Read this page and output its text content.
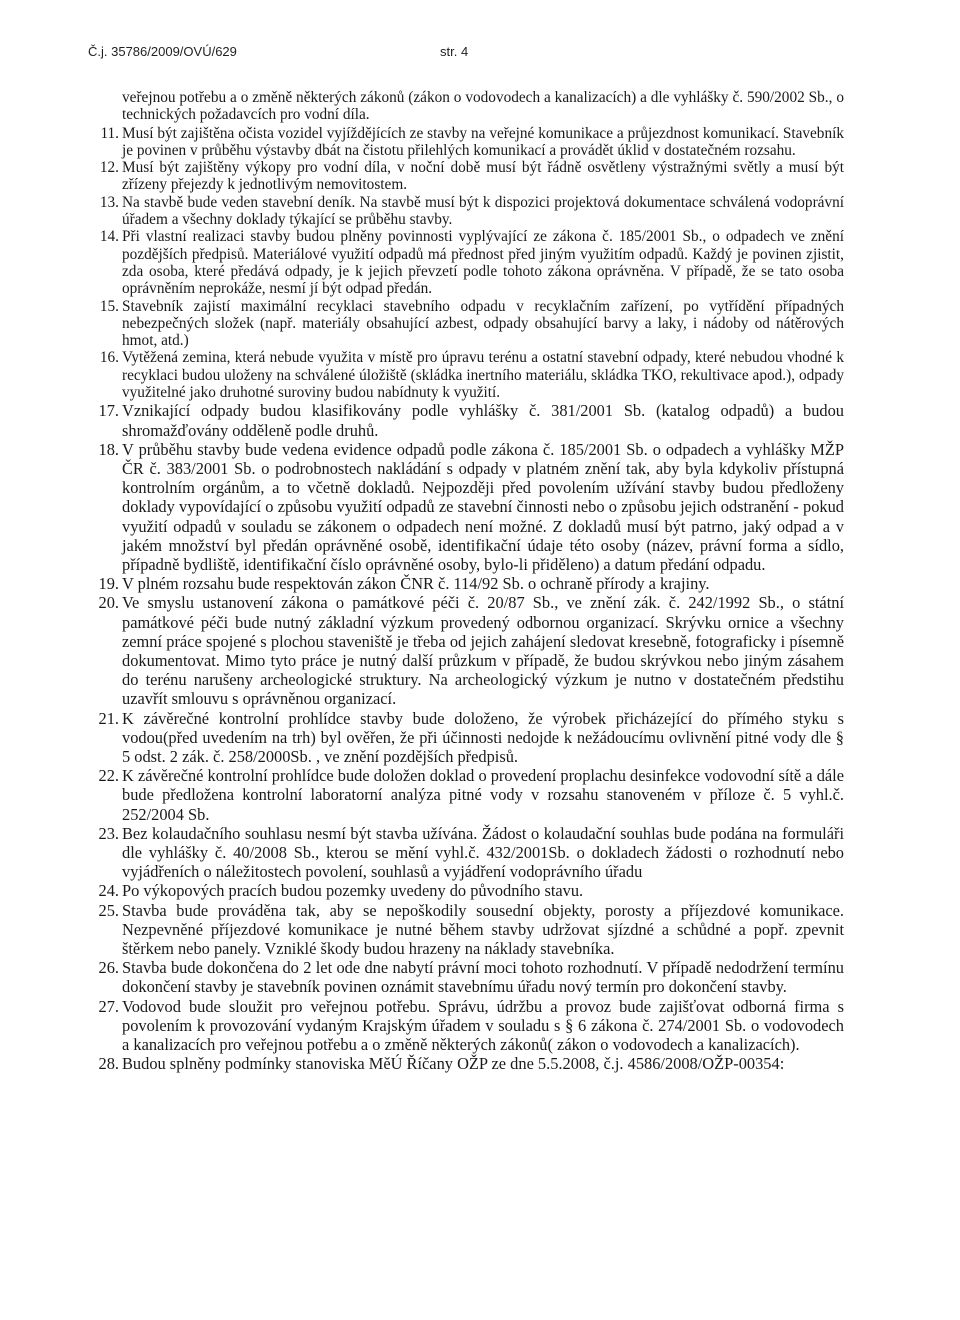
Č.j. 35786/2009/OVÚ/629	str. 4

veřejnou potřebu a o změně některých zákonů (zákon o vodovodech a kanalizacích) a dle vyhlášky č. 590/2002 Sb., o technických požadavcích pro vodní díla.

11. Musí být zajištěna očista vozidel vyjíždějících ze stavby na veřejné komunikace a průjezdnost komunikací. Stavebník je povinen v průběhu výstavby dbát na čistotu přilehlých komunikací a provádět úklid v dostatečném rozsahu.
12. Musí být zajištěny výkopy pro vodní díla, v noční době musí být řádně osvětleny výstražnými světly a musí být zřízeny přejezdy k jednotlivým nemovitostem.
13. Na stavbě bude veden stavební deník. Na stavbě musí být k dispozici projektová dokumentace schválená vodoprávní úřadem a všechny doklady týkající se průběhu stavby.
14. Při vlastní realizaci stavby budou plněny povinnosti vyplývající ze zákona č. 185/2001 Sb., o odpadech ve znění pozdějších předpisů. Materiálové využití odpadů má přednost před jiným využitím odpadů. Každý je povinen zjistit, zda osoba, které předává odpady, je k jejich převzetí podle tohoto zákona oprávněna. V případě, že se tato osoba oprávněním neprokáže, nesmí jí být odpad předán.
15. Stavebník zajistí maximální recyklaci stavebního odpadu v recyklačním zařízení, po vytřídění případných nebezpečných složek (např. materiály obsahující azbest, odpady obsahující barvy a laky, i nádoby od nátěrových hmot, atd.)
16. Vytěžená zemina, která nebude využita v místě pro úpravu terénu a ostatní stavební odpady, které nebudou vhodné k recyklaci budou uloženy na schválené úložiště (skládka inertního materiálu, skládka TKO, rekultivace apod.), odpady využitelné jako druhotné suroviny budou nabídnuty k využití.
17. Vznikající odpady budou klasifikovány podle vyhlášky č. 381/2001 Sb. (katalog odpadů) a budou shromažďovány odděleně podle druhů.
18. V průběhu stavby bude vedena evidence odpadů podle zákona č. 185/2001 Sb. o odpadech a vyhlášky MŽP ČR č. 383/2001 Sb. o podrobnostech nakládání s odpady v platném znění tak, aby byla kdykoliv přístupná kontrolním orgánům, a to včetně dokladů. Nejpozději před povolením užívání stavby budou předloženy doklady vypovídající o způsobu využití odpadů ze stavební činnosti nebo o způsobu jejich odstranění - pokud využití odpadů v souladu se zákonem o odpadech není možné. Z dokladů musí být patrno, jaký odpad a v jakém množství byl předán oprávněné osobě, identifikační údaje této osoby (název, právní forma a sídlo, případně bydliště, identifikační číslo oprávněné osoby, bylo-li přiděleno) a datum předání odpadu.
19. V plném rozsahu bude respektován zákon ČNR č. 114/92 Sb. o ochraně přírody a krajiny.
20. Ve smyslu ustanovení zákona o památkové péči č. 20/87 Sb., ve znění zák. č. 242/1992 Sb., o státní památkové péči bude nutný základní výzkum provedený odbornou organizací. Skrývku ornice a všechny zemní práce spojené s plochou staveniště je třeba od jejich zahájení sledovat kresebně, fotograficky i písemně dokumentovat. Mimo tyto práce je nutný další průzkum v případě, že budou skrývkou nebo jiným zásahem do terénu narušeny archeologické struktury. Na archeologický výzkum je nutno v dostatečném předstihu uzavřít smlouvu s oprávněnou organizací.
21. K závěrečné kontrolní prohlídce stavby bude doloženo, že výrobek přicházející do přímého styku s vodou(před uvedením na trh) byl ověřen, že při účinnosti nedojde k nežádoucímu ovlivnění pitné vody dle § 5 odst. 2 zák. č. 258/2000Sb. , ve znění pozdějších předpisů.
22. K závěrečné kontrolní prohlídce bude doložen doklad o provedení proplachu desinfekce vodovodní sítě a dále bude předložena kontrolní laboratorní analýza pitné vody v rozsahu stanoveném v příloze č. 5 vyhl.č. 252/2004 Sb.
23. Bez kolaudačního souhlasu nesmí být stavba užívána. Žádost o kolaudační souhlas bude podána na formuláři dle vyhlášky č. 40/2008 Sb., kterou se mění vyhl.č. 432/2001Sb. o dokladech žádosti o rozhodnutí nebo vyjádřeních o náležitostech povolení, souhlasů a vyjádření vodoprávního úřadu
24. Po výkopových pracích budou pozemky uvedeny do původního stavu.
25. Stavba bude prováděna tak, aby se nepoškodily sousední objekty, porosty a příjezdové komunikace. Nezpevněné příjezdové komunikace je nutné během stavby udržovat sjízdné a schůdné a popř. zpevnit štěrkem nebo panely. Vzniklé škody budou hrazeny na náklady stavebníka.
26. Stavba bude dokončena do 2 let ode dne nabytí právní moci tohoto rozhodnutí. V případě nedodržení termínu dokončení stavby je stavebník povinen oznámit stavebnímu úřadu nový termín pro dokončení stavby.
27. Vodovod bude sloužit pro veřejnou potřebu. Správu, údržbu a provoz bude zajišťovat odborná firma s povolením k provozování vydaným Krajským úřadem v souladu s § 6 zákona č. 274/2001 Sb. o vodovodech a kanalizacích pro veřejnou potřebu a o změně některých zákonů( zákon o vodovodech a kanalizacích).
28. Budou splněny podmínky stanoviska MěÚ Říčany OŽP ze dne 5.5.2008, č.j. 4586/2008/OŽP-00354:
